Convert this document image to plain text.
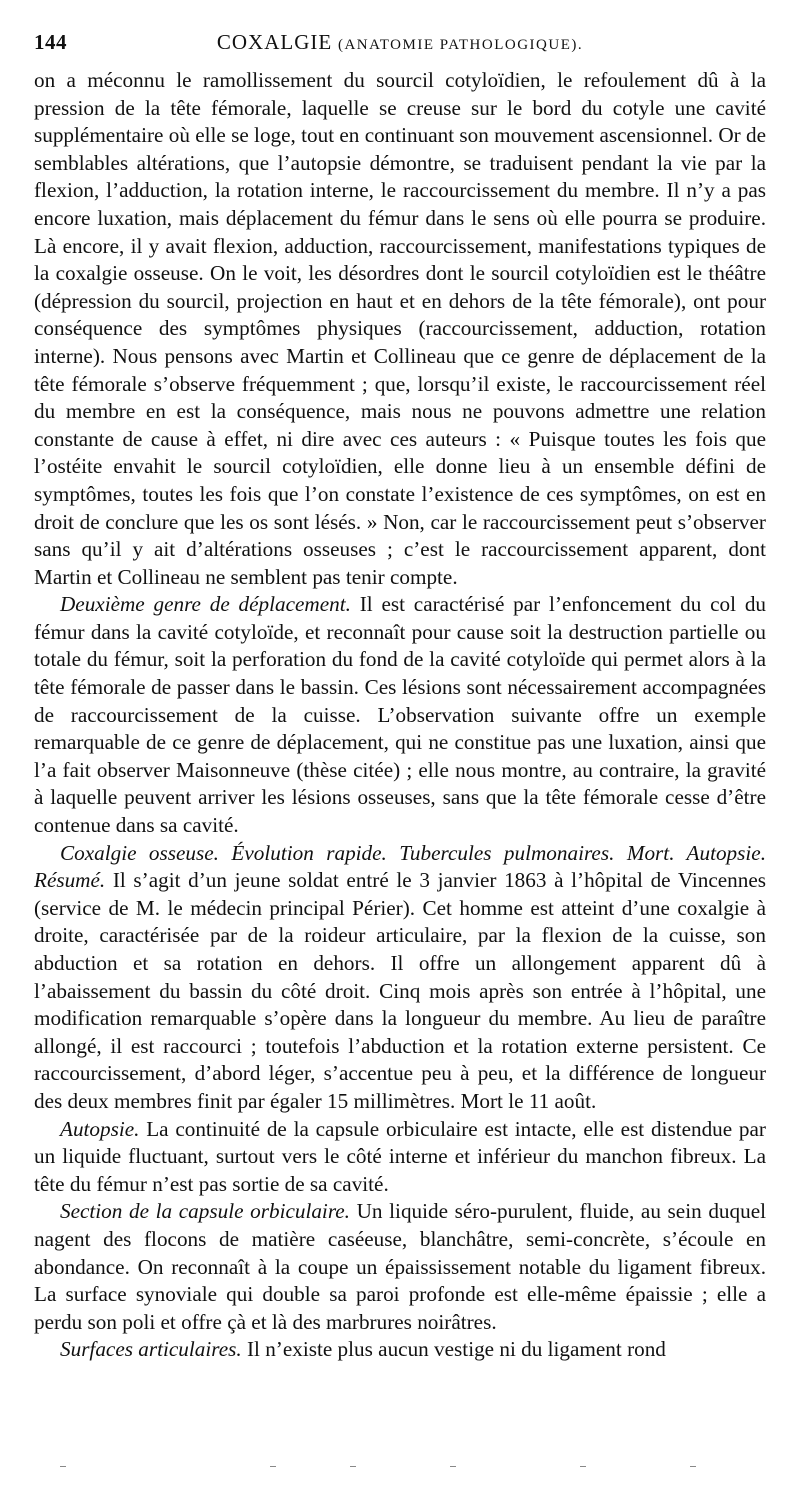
144	COXALGIE (ANATOMIE PATHOLOGIQUE).

on a méconnu le ramollissement du sourcil cotyloïdien, le refoulement dû à la pression de la tête fémorale, laquelle se creuse sur le bord du cotyle une cavité supplémentaire où elle se loge, tout en continuant son mouvement ascensionnel. Or de semblables altérations, que l’autopsie démontre, se traduisent pendant la vie par la flexion, l’adduction, la rotation interne, le raccourcissement du membre. Il n’y a pas encore luxation, mais déplacement du fémur dans le sens où elle pourra se produire. Là encore, il y avait flexion, adduction, raccourcissement, manifestations typiques de la coxalgie osseuse. On le voit, les désordres dont le sourcil cotyloïdien est le théâtre (dépression du sourcil, projection en haut et en dehors de la tête fémorale), ont pour conséquence des symptômes physiques (raccourcissement, adduction, rotation interne). Nous pensons avec Martin et Collineau que ce genre de déplacement de la tête fémorale s’observe fréquemment ; que, lorsqu’il existe, le raccourcissement réel du membre en est la conséquence, mais nous ne pouvons admettre une relation constante de cause à effet, ni dire avec ces auteurs : « Puisque toutes les fois que l’ostéite envahit le sourcil cotyloïdien, elle donne lieu à un ensemble défini de symptômes, toutes les fois que l’on constate l’existence de ces symptômes, on est en droit de conclure que les os sont lésés. » Non, car le raccourcissement peut s’observer sans qu’il y ait d’altérations osseuses ; c’est le raccourcissement apparent, dont Martin et Collineau ne semblent pas tenir compte.

Deuxième genre de déplacement. Il est caractérisé par l’enfoncement du col du fémur dans la cavité cotyloïde, et reconnaît pour cause soit la destruction partielle ou totale du fémur, soit la perforation du fond de la cavité cotyloïde qui permet alors à la tête fémorale de passer dans le bassin. Ces lésions sont nécessairement accompagnées de raccourcissement de la cuisse. L’observation suivante offre un exemple remarquable de ce genre de déplacement, qui ne constitue pas une luxation, ainsi que l’a fait observer Maisonneuve (thèse citée) ; elle nous montre, au contraire, la gravité à laquelle peuvent arriver les lésions osseuses, sans que la tête fémorale cesse d’être contenue dans sa cavité.

Coxalgie osseuse. Évolution rapide. Tubercules pulmonaires. Mort. Autopsie. Résumé. Il s’agit d’un jeune soldat entré le 3 janvier 1863 à l’hôpital de Vincennes (service de M. le médecin principal Périer). Cet homme est atteint d’une coxalgie à droite, caractérisée par de la roideur articulaire, par la flexion de la cuisse, son abduction et sa rotation en dehors. Il offre un allongement apparent dû à l’abaissement du bassin du côté droit. Cinq mois après son entrée à l’hôpital, une modification remarquable s’opère dans la longueur du membre. Au lieu de paraître allongé, il est raccourci ; toutefois l’abduction et la rotation externe persistent. Ce raccourcissement, d’abord léger, s’accentue peu à peu, et la différence de longueur des deux membres finit par égaler 15 millimètres. Mort le 11 août.

Autopsie. La continuité de la capsule orbiculaire est intacte, elle est distendue par un liquide fluctuant, surtout vers le côté interne et inférieur du manchon fibreux. La tête du fémur n’est pas sortie de sa cavité.

Section de la capsule orbiculaire. Un liquide séro-purulent, fluide, au sein duquel nagent des flocons de matière caséeuse, blanchâtre, semi-concrète, s’écoule en abondance. On reconnaît à la coupe un épaississement notable du ligament fibreux. La surface synoviale qui double sa paroi profonde est elle-même épaissie ; elle a perdu son poli et offre çà et là des marbrures noirâtres.

Surfaces articulaires. Il n’existe plus aucun vestige ni du ligament rond
